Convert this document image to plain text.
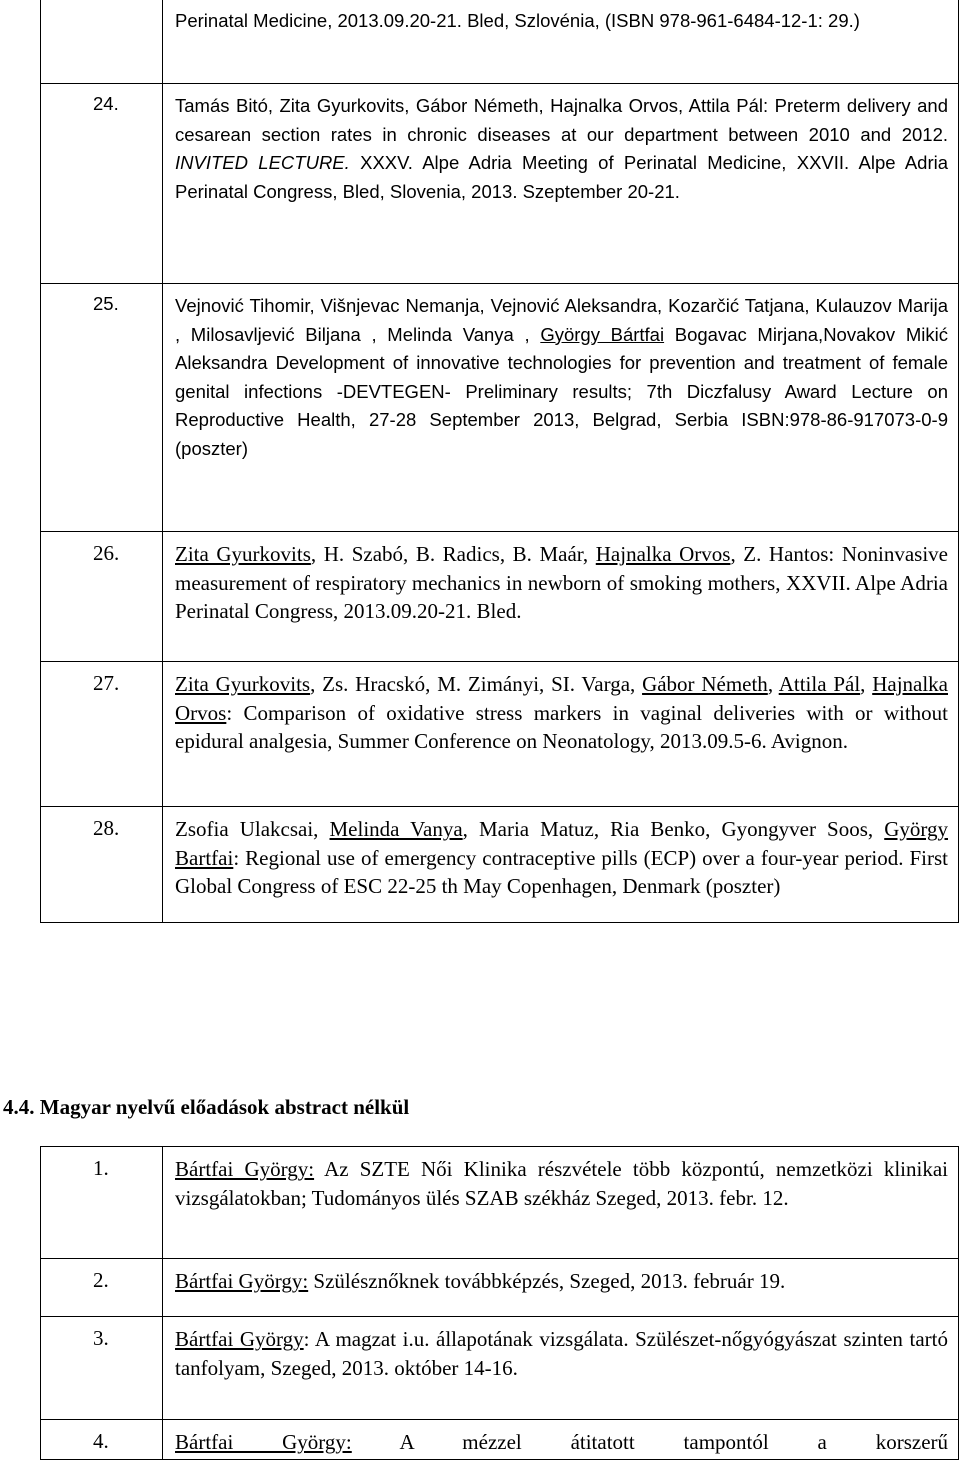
	Perinatal Medicine, 2013.09.20-21. Bled, Szlovénia, (ISBN 978-961-6484-12-1: 29.)
24.	Tamás Bitó, Zita Gyurkovits, Gábor Németh, Hajnalka Orvos, Attila Pál: Preterm delivery and cesarean section rates in chronic diseases at our department between 2010 and 2012. INVITED LECTURE. XXXV. Alpe Adria Meeting of Perinatal Medicine, XXVII. Alpe Adria Perinatal Congress, Bled, Slovenia, 2013. Szeptember 20-21.
25.	Vejnović Tihomir, Višnjevac Nemanja, Vejnović Aleksandra, Kozarčić Tatjana, Kulauzov Marija , Milosavljević Biljana , Melinda Vanya , György Bártfai Bogavac Mirjana,Novakov Mikić Aleksandra Development of innovative technologies for prevention and treatment of female genital infections -DEVTEGEN- Preliminary results; 7th Diczfalusy Award Lecture on Reproductive Health, 27-28 September 2013, Belgrad, Serbia ISBN:978-86-917073-0-9 (poszter)
26.	Zita Gyurkovits, H. Szabó, B. Radics, B. Maár, Hajnalka Orvos, Z. Hantos: Noninvasive measurement of respiratory mechanics in newborn of smoking mothers, XXVII. Alpe Adria Perinatal Congress, 2013.09.20-21. Bled.
27.	Zita Gyurkovits, Zs. Hracskó, M. Zimányi, SI. Varga, Gábor Németh, Attila Pál, Hajnalka Orvos: Comparison of oxidative stress markers in vaginal deliveries with or without epidural analgesia, Summer Conference on Neonatology, 2013.09.5-6. Avignon.
28.	Zsofia Ulakcsai, Melinda Vanya, Maria Matuz, Ria Benko, Gyongyver Soos, György Bartfai: Regional use of emergency contraceptive pills (ECP) over a four-year period. First Global Congress of ESC 22-25 th May Copenhagen, Denmark (poszter)
4.4. Magyar nyelvű előadások abstract nélkül
1.	Bártfai György: Az SZTE Női Klinika részvétele több központú, nemzetközi klinikai vizsgálatokban; Tudományos ülés SZAB székház Szeged, 2013. febr. 12.
2.	Bártfai György: Szülésznőknek továbbképzés, Szeged, 2013. február 19.
3.	Bártfai György: A magzat i.u. állapotának vizsgálata. Szülészet-nőgyógyászat szinten tartó tanfolyam, Szeged, 2013. október 14-16.
4.	Bártfai György: A mézzel átitatott tampontól a korszerű
